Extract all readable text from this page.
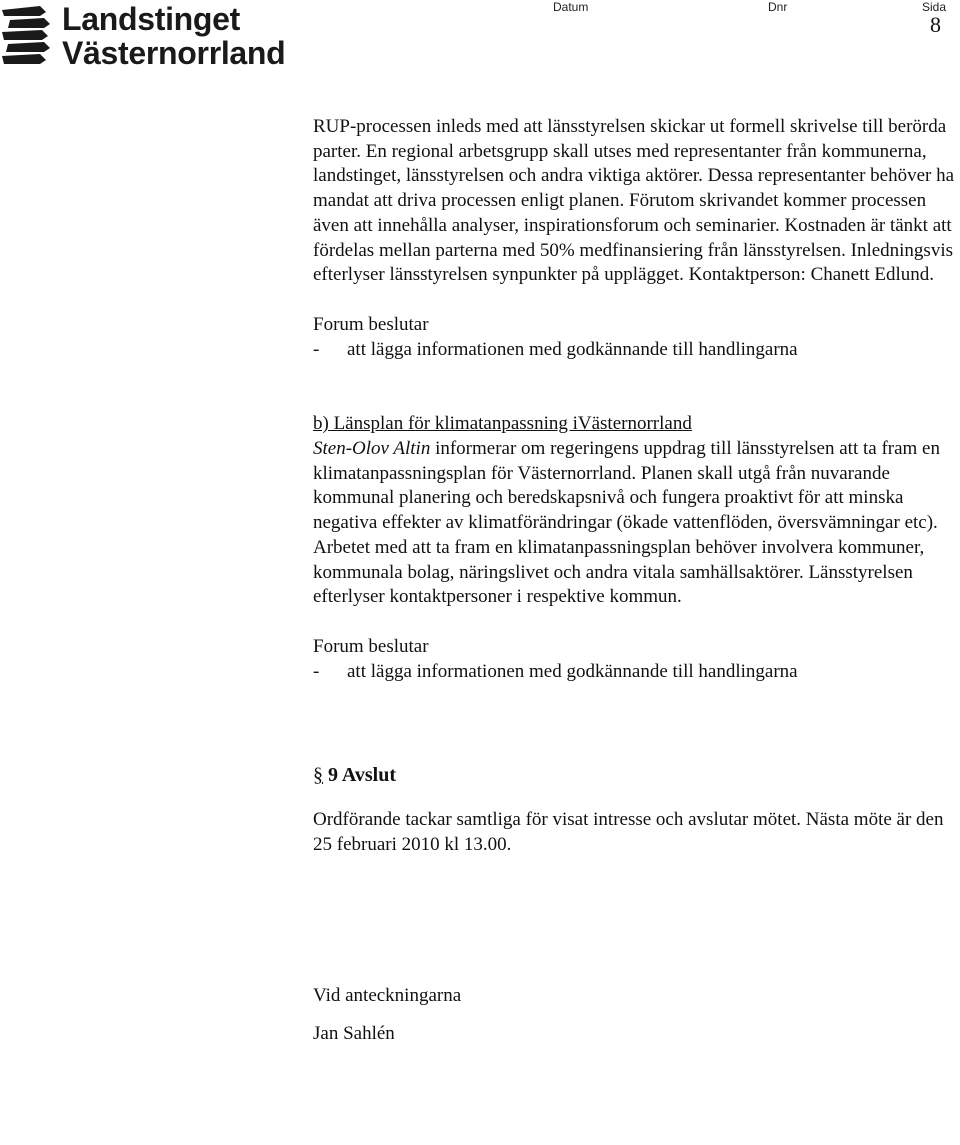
Landstinget
Västernorrland
Datum	Dnr	Sida
8

RUP-processen inleds med att länsstyrelsen skickar ut formell skrivelse till berörda parter. En regional arbetsgrupp skall utses med representanter från kommunerna, landstinget, länsstyrelsen och andra viktiga aktörer. Dessa representanter behöver ha mandat att driva processen enligt planen. Förutom skrivandet kommer processen även att innehålla analyser, inspirationsforum och seminarier. Kostnaden är tänkt att fördelas mellan parterna med 50% medfinansiering från länsstyrelsen. Inledningsvis efterlyser länsstyrelsen synpunkter på upplägget. Kontaktperson: Chanett Edlund.

Forum beslutar

- att lägga informationen med godkännande till handlingarna

b) Länsplan för klimatanpassning iVästernorrland

Sten-Olov Altin informerar om regeringens uppdrag till länsstyrelsen att ta fram en klimatanpassningsplan för Västernorrland. Planen skall utgå från nuvarande kommunal planering och beredskapsnivå och fungera proaktivt för att minska negativa effekter av klimatförändringar (ökade vattenflöden, översvämningar etc). Arbetet med att ta fram en klimatanpassningsplan behöver involvera kommuner, kommunala bolag, näringslivet och andra vitala samhällsaktörer. Länsstyrelsen efterlyser kontaktpersoner i respektive kommun.

Forum beslutar

- att lägga informationen med godkännande till handlingarna

§ 9 Avslut

Ordförande tackar samtliga för visat intresse och avslutar mötet. Nästa möte är den 25 februari 2010 kl 13.00.

Vid anteckningarna

Jan Sahlén
